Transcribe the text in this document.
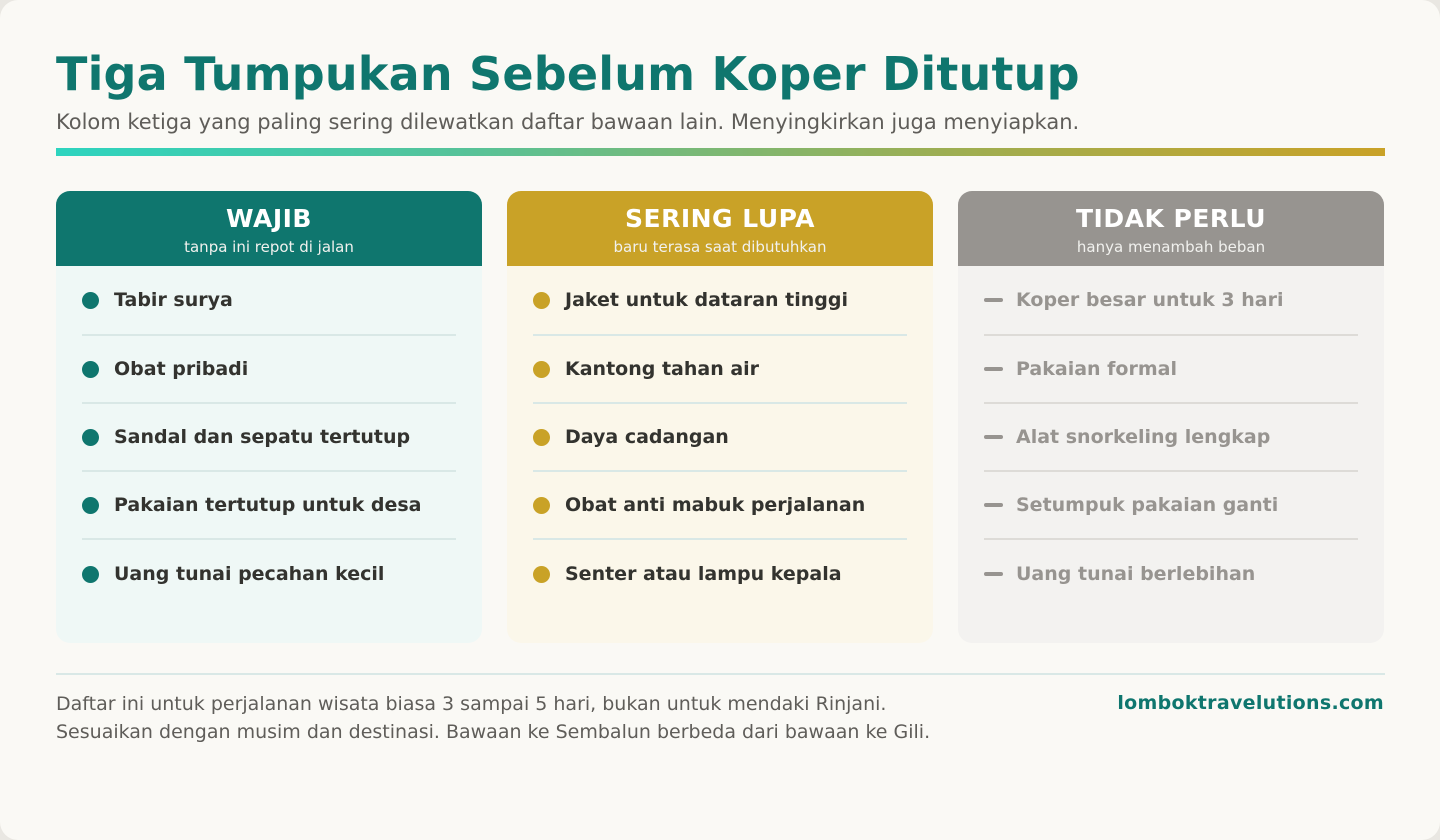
Tiga Tumpukan Sebelum Koper Ditutup

Kolom ketiga yang paling sering dilewatkan daftar bawaan lain. Menyingkirkan juga menyiapkan.

WAJIB
tanpa ini repot di jalan
Tabir surya
Obat pribadi
Sandal dan sepatu tertutup
Pakaian tertutup untuk desa
Uang tunai pecahan kecil
SERING LUPA
baru terasa saat dibutuhkan
Jaket untuk dataran tinggi
Kantong tahan air
Daya cadangan
Obat anti mabuk perjalanan
Senter atau lampu kepala
TIDAK PERLU
hanya menambah beban
Koper besar untuk 3 hari
Pakaian formal
Alat snorkeling lengkap
Setumpuk pakaian ganti
Uang tunai berlebihan
Daftar ini untuk perjalanan wisata biasa 3 sampai 5 hari, bukan untuk mendaki Rinjani.
Sesuaikan dengan musim dan destinasi. Bawaan ke Sembalun berbeda dari bawaan ke Gili.
lomboktravelutions.com
